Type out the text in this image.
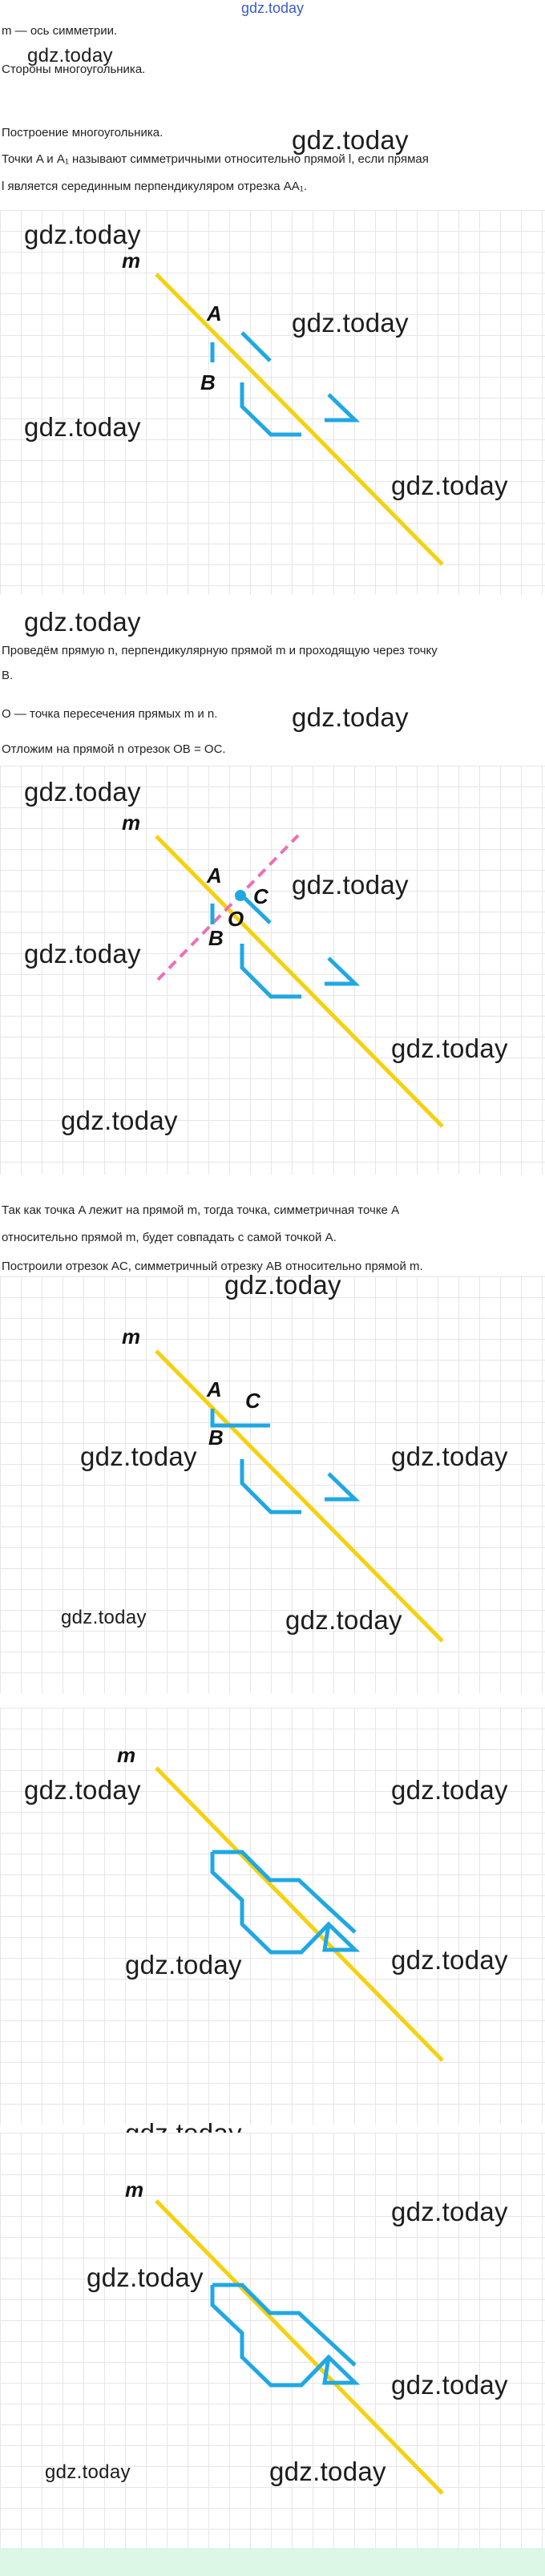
gdz.today
m — ось симметрии.
gdz.today
Стороны многоугольника.
Построение многоугольника.	gdz.today
Точки A и A₁ называют симметричными относительно прямой l, если прямая
l является серединным перпендикуляром отрезка AA₁.
m
A
B
gdz.today
gdz.today
gdz.today
gdz.today
gdz.today
Проведём прямую n, перпендикулярную прямой m и проходящую через точку
B.
O — точка пересечения прямых m и n.	gdz.today
Отложим на прямой n отрезок OB = OC.
m
A
C
O
B
gdz.today
gdz.today
gdz.today
gdz.today
gdz.today
Так как точка A лежит на прямой m, тогда точка, симметричная точке A
относительно прямой m, будет совпадать с самой точкой A.
Построили отрезок AC, симметричный отрезку AB относительно прямой m.
m
A C
B
gdz.today
gdz.today	gdz.today
gdz.today	gdz.today
m
gdz.today	gdz.today
gdz.today	gdz.today
m
gdz.today
gdz.today
gdz.today
gdz.today	gdz.today
